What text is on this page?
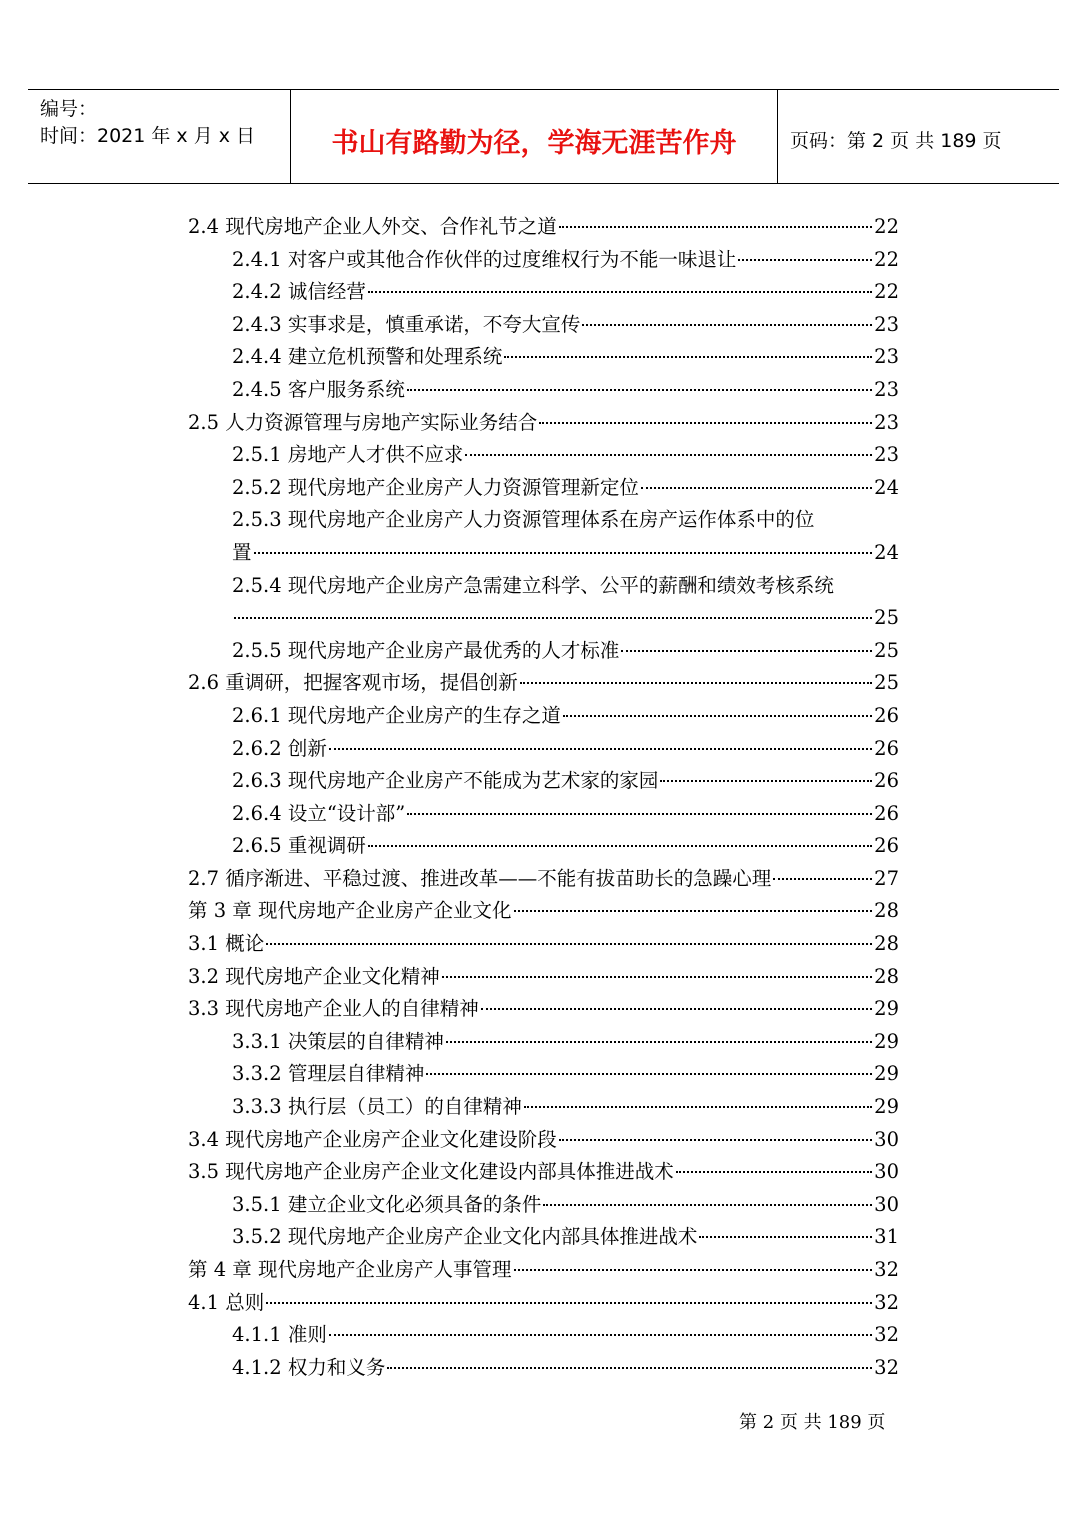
编号：
时间：2021 年 x 月 x 日	书山有路勤为径，学海无涯苦作舟	页码：第 2 页 共 189 页
2.4 现代房地产企业人外交、合作礼节之道	22
2.4.1 对客户或其他合作伙伴的过度维权行为不能一味退让	22
2.4.2 诚信经营	22
2.4.3 实事求是，慎重承诺，不夸大宣传	23
2.4.4 建立危机预警和处理系统	23
2.4.5 客户服务系统	23
2.5 人力资源管理与房地产实际业务结合	23
2.5.1 房地产人才供不应求	23
2.5.2 现代房地产企业房产人力资源管理新定位	24
2.5.3 现代房地产企业房产人力资源管理体系在房产运作体系中的位
置	24
2.5.4 现代房地产企业房产急需建立科学、公平的薪酬和绩效考核系统
25
2.5.5 现代房地产企业房产最优秀的人才标准	25
2.6 重调研，把握客观市场，提倡创新	25
2.6.1 现代房地产企业房产的生存之道	26
2.6.2 创新	26
2.6.3 现代房地产企业房产不能成为艺术家的家园	26
2.6.4 设立“设计部”	26
2.6.5 重视调研	26
2.7 循序渐进、平稳过渡、推进改革——不能有拔苗助长的急躁心理	27
第 3 章 现代房地产企业房产企业文化	28
3.1 概论	28
3.2 现代房地产企业文化精神	28
3.3 现代房地产企业人的自律精神	29
3.3.1 决策层的自律精神	29
3.3.2 管理层自律精神	29
3.3.3 执行层（员工）的自律精神	29
3.4 现代房地产企业房产企业文化建设阶段	30
3.5 现代房地产企业房产企业文化建设内部具体推进战术	30
3.5.1 建立企业文化必须具备的条件	30
3.5.2 现代房地产企业房产企业文化内部具体推进战术	31
第 4 章 现代房地产企业房产人事管理	32
4.1 总则	32
4.1.1 准则	32
4.1.2 权力和义务	32
第 2 页 共 189 页
